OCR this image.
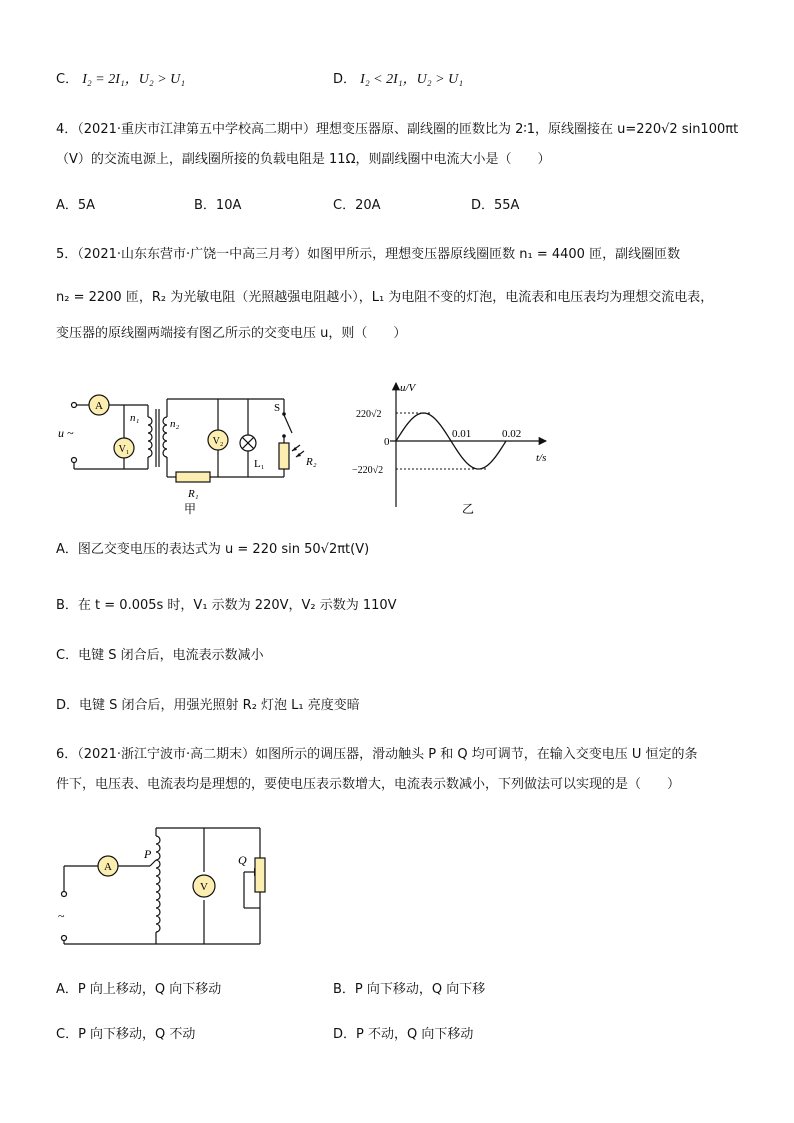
C． I₂ = 2I₁，U₂ > U₁	D． I₂ < 2I₁，U₂ > U₁
4．（2021·重庆市江津第五中学校高二期中）理想变压器原、副线圈的匝数比为 2∶1，原线圈接在 u=220√2 sin100πt
（V）的交流电源上，副线圈所接的负载电阻是 11Ω，则副线圈中电流大小是（　　）
A．5A	B．10A	C．20A	D．55A
5．（2021·山东东营市·广饶一中高三月考）如图甲所示，理想变压器原线圈匝数 n₁ = 4400 匝，副线圈匝数
n₂ = 2200 匝，R₂ 为光敏电阻（光照越强电阻越小），L₁ 为电阻不变的灯泡，电流表和电压表均为理想交流电表，
变压器的原线圈两端接有图乙所示的交变电压 u，则（　　）
A
V₁
V₂
u ~
n₁	n₂
S
L₁
R₁
R₂
甲
u/V
t/s
220√2
−220√2
0
0.01	0.02
乙
A．图乙交变电压的表达式为 u = 220 sin 50√2πt(V)
B．在 t = 0.005s 时，V₁ 示数为 220V，V₂ 示数为 110V
C．电键 S 闭合后，电流表示数减小
D．电键 S 闭合后，用强光照射 R₂ 灯泡 L₁ 亮度变暗
6．（2021·浙江宁波市·高二期末）如图所示的调压器，滑动触头 P 和 Q 均可调节，在输入交变电压 U 恒定的条
件下，电压表、电流表均是理想的，要使电压表示数增大，电流表示数减小，下列做法可以实现的是（　　）
A
V
P	Q
~
A．P 向上移动，Q 向下移动	B．P 向下移动，Q 向下移
C．P 向下移动，Q 不动	D．P 不动，Q 向下移动
